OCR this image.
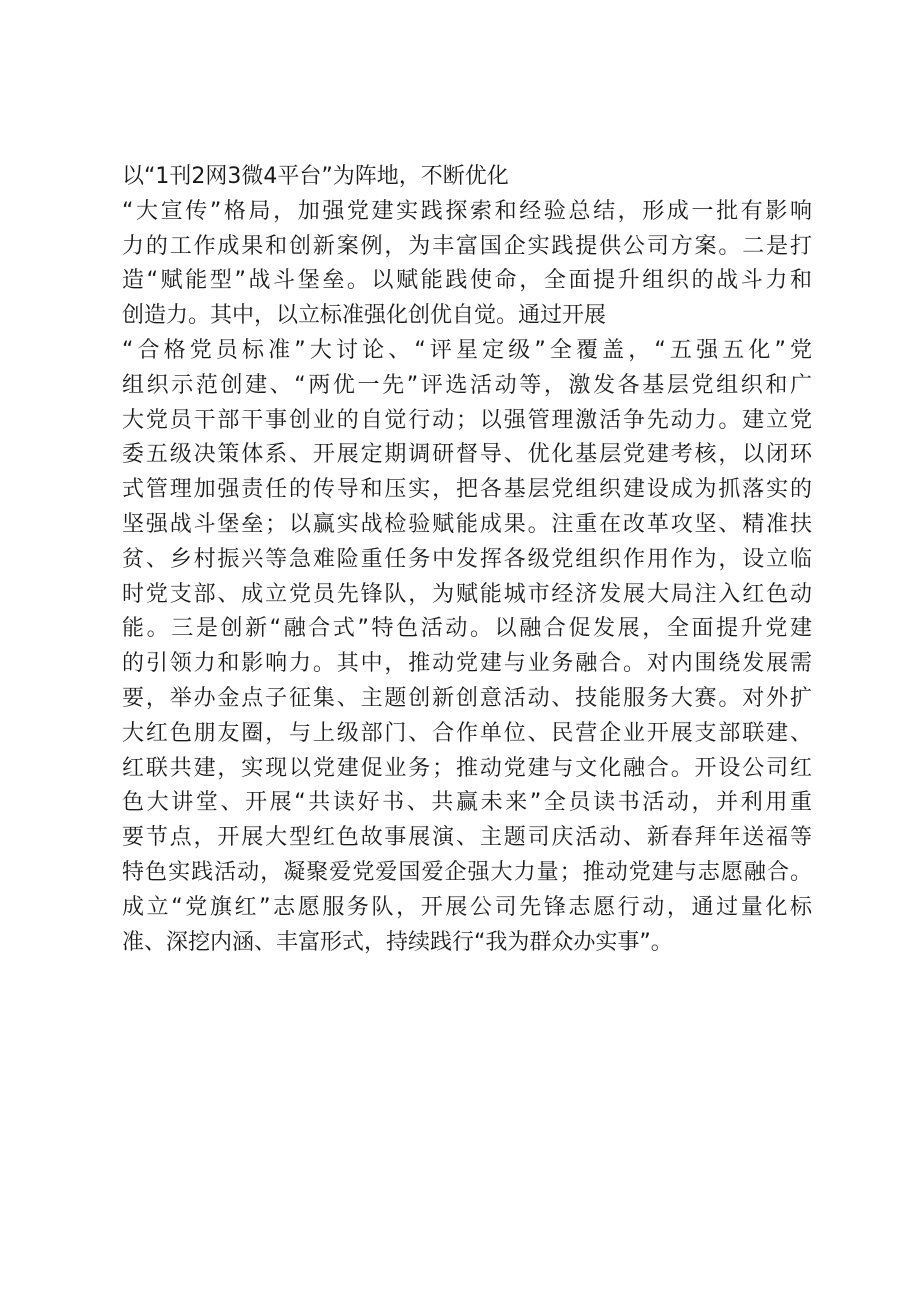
以“1刊2网3微4平台”为阵地，不断优化
“大宣传”格局，加强党建实践探索和经验总结，形成一批有影响
力的工作成果和创新案例，为丰富国企实践提供公司方案。二是打
造“赋能型”战斗堡垒。以赋能践使命，全面提升组织的战斗力和
创造力。其中，以立标准强化创优自觉。通过开展
“合格党员标准”大讨论、“评星定级”全覆盖，“五强五化”党
组织示范创建、“两优一先”评选活动等，激发各基层党组织和广
大党员干部干事创业的自觉行动；以强管理激活争先动力。建立党
委五级决策体系、开展定期调研督导、优化基层党建考核，以闭环
式管理加强责任的传导和压实，把各基层党组织建设成为抓落实的
坚强战斗堡垒；以赢实战检验赋能成果。注重在改革攻坚、精准扶
贫、乡村振兴等急难险重任务中发挥各级党组织作用作为，设立临
时党支部、成立党员先锋队，为赋能城市经济发展大局注入红色动
能。三是创新“融合式”特色活动。以融合促发展，全面提升党建
的引领力和影响力。其中，推动党建与业务融合。对内围绕发展需
要，举办金点子征集、主题创新创意活动、技能服务大赛。对外扩
大红色朋友圈，与上级部门、合作单位、民营企业开展支部联建、
红联共建，实现以党建促业务；推动党建与文化融合。开设公司红
色大讲堂、开展“共读好书、共赢未来”全员读书活动，并利用重
要节点，开展大型红色故事展演、主题司庆活动、新春拜年送福等
特色实践活动，凝聚爱党爱国爱企强大力量；推动党建与志愿融合。
成立“党旗红”志愿服务队，开展公司先锋志愿行动，通过量化标
准、深挖内涵、丰富形式，持续践行“我为群众办实事”。
